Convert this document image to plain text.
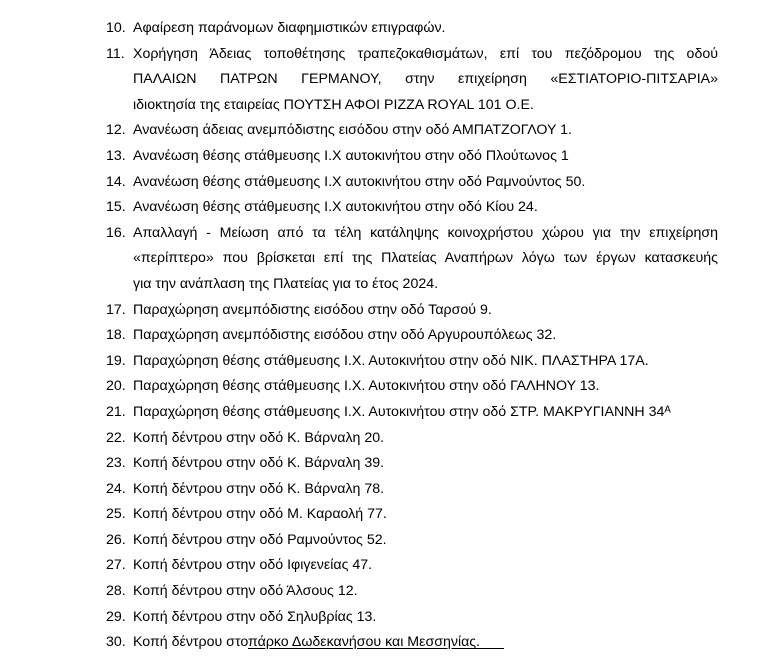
10. Αφαίρεση παράνομων διαφημιστικών επιγραφών.
11. Χορήγηση Άδειας τοποθέτησης τραπεζοκαθισμάτων, επί του πεζόδρομου της οδού
ΠΑΛΑΙΩΝ ΠΑΤΡΩΝ ΓΕΡΜΑΝΟΥ, στην επιχείρηση «ΕΣΤΙΑΤΟΡΙΟ-ΠΙΤΣΑΡΙΑ»
ιδιοκτησία της εταιρείας ΠΟΥΤΣΗ ΑΦΟΙ PIZZA ROYAL 101 Ο.Ε.
12. Ανανέωση άδειας ανεμπόδιστης εισόδου στην οδό ΑΜΠΑΤΖΟΓΛΟΥ 1.
13. Ανανέωση θέσης στάθμευσης Ι.Χ αυτοκινήτου στην οδό Πλούτωνος 1
14. Ανανέωση θέσης στάθμευσης Ι.Χ αυτοκινήτου στην οδό Ραμνούντος 50.
15. Ανανέωση θέσης στάθμευσης Ι.Χ αυτοκινήτου στην οδό Κίου 24.
16. Απαλλαγή - Μείωση από τα τέλη κατάληψης κοινοχρήστου χώρου για την επιχείρηση
«περίπτερο» που βρίσκεται επί της Πλατείας Αναπήρων λόγω των έργων κατασκευής
για την ανάπλαση της Πλατείας για το έτος 2024.
17. Παραχώρηση ανεμπόδιστης εισόδου στην οδό Ταρσού 9.
18. Παραχώρηση ανεμπόδιστης εισόδου στην οδό Αργυρουπόλεως 32.
19. Παραχώρηση θέσης στάθμευσης Ι.Χ. Αυτοκινήτου στην οδό ΝΙΚ. ΠΛΑΣΤΗΡΑ 17Α.
20. Παραχώρηση θέσης στάθμευσης Ι.Χ. Αυτοκινήτου στην οδό ΓΑΛΗΝΟΥ 13.
21. Παραχώρηση θέσης στάθμευσης Ι.Χ. Αυτοκινήτου στην οδό ΣΤΡ. ΜΑΚΡΥΓΙΑΝΝΗ 34ᴬ
22. Κοπή δέντρου στην οδό Κ. Βάρναλη 20.
23. Κοπή δέντρου στην οδό Κ. Βάρναλη 39.
24. Κοπή δέντρου στην οδό Κ. Βάρναλη 78.
25. Κοπή δέντρου στην οδό Μ. Καραολή 77.
26. Κοπή δέντρου στην οδό Ραμνούντος 52.
27. Κοπή δέντρου στην οδό Ιφιγενείας 47.
28. Κοπή δέντρου στην οδό Άλσους 12.
29. Κοπή δέντρου στην οδό Σηλυβρίας 13.
30. Κοπή δέντρου στοπάρκο Δωδεκανήσου και Μεσσηνίας.
